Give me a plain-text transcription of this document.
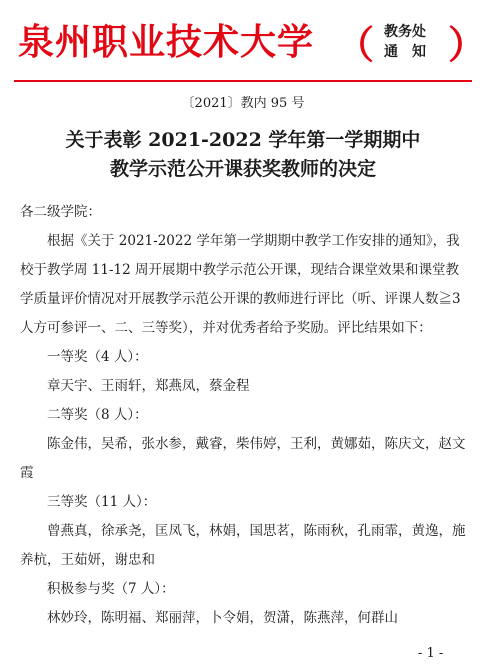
泉州职业技术大学 （ 教务处
通　知 ）
〔2021〕教内 95 号
关于表彰 2021-2022 学年第一学期期中
教学示范公开课获奖教师的决定

各二级学院：

根据《关于 2021-2022 学年第一学期期中教学工作安排的通知》，我校于教学周 11-12 周开展期中教学示范公开课，现结合课堂效果和课堂教学质量评价情况对开展教学示范公开课的教师进行评比（听、评课人数≧3 人方可参评一、二、三等奖），并对优秀者给予奖励。评比结果如下：

一等奖（4 人）：

章天宇、王雨轩，郑燕凤，蔡金程

二等奖（8 人）：

陈金伟，吴希，张水参，戴睿，柴伟婷，王利，黄娜茹，陈庆文，赵文霞

三等奖（11 人）：

曾燕真，徐承尧，匡凤飞，林娟，国思茗，陈雨秋，孔雨霏，黄逸，施养杭，王茹妍，谢忠和

积极参与奖（7 人）：

林妙玲，陈明福、郑丽萍，卜令娟，贺潇，陈燕萍，何群山

- 1 -
